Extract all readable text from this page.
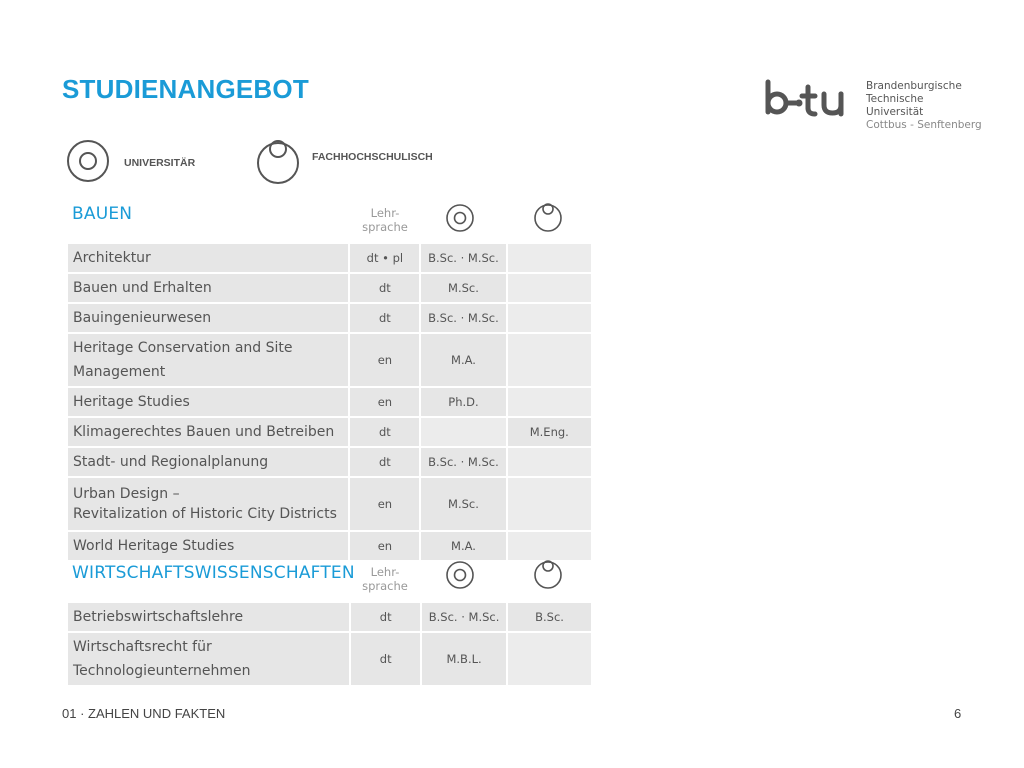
STUDIENANGEBOT	Brandenburgische
Technische Universität
Cottbus - Senftenberg
UNIVERSITÄR	FACHHOCHSCHULISCH
BAUEN	Lehr-
sprache
Architektur	dt • pl	B.Sc. · M.Sc.	
Bauen und Erhalten	dt	M.Sc.	
Bauingenieurwesen	dt	B.Sc. · M.Sc.	
Heritage Conservation and Site Management	en	M.A.	
Heritage Studies	en	Ph.D.	
Klimagerechtes Bauen und Betreiben	dt		M.Eng.
Stadt- und Regionalplanung	dt	B.Sc. · M.Sc.	
Urban Design –
Revitalization of Historic City Districts	en	M.Sc.	
World Heritage Studies	en	M.A.	
WIRTSCHAFTSWISSENSCHAFTEN	Lehr-
sprache
Betriebswirtschaftslehre	dt	B.Sc. · M.Sc.	B.Sc.
Wirtschaftsrecht für Technologieunternehmen	dt	M.B.L.	
01 · ZAHLEN UND FAKTEN	6
